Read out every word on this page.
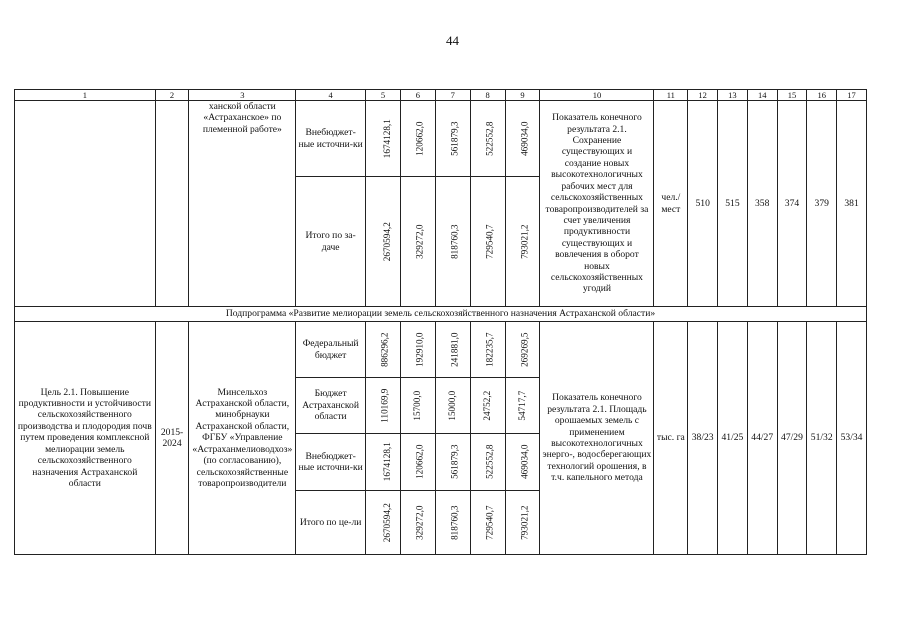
44
1	2	3	4	5	6	7	8	9	10	11	12	13	14	15	16	17
		ханской области «Астраханское» по племенной работе»	Внебюджет-ные источни-ки	1674128,1	120662,0	561879,3	522552,8	469034,0	Показатель конечного результата 2.1. Сохранение существующих и создание новых высокотехнологичных рабочих мест для сельскохозяйственных товаропроизводителей за счет увеличения продуктивности существующих и вовлечения в оборот новых сельскохозяйственных угодий	чел./мест	510	515	358	374	379	381
			Итого по за-даче	2670594,2	329272,0	818760,3	729540,7	793021,2								
Подпрограмма «Развитие мелиорации земель сельскохозяйственного назначения Астраханской области»																
Цель 2.1. Повышение продуктивности и устойчивости сельскохозяйственного производства и плодородия почв путем проведения комплексной мелиорации земель сельскохозяйственного назначения Астраханской области	2015-2024	Минсельхоз Астраханской области, минобрнауки Астраханской области, ФГБУ «Управление «Астраханмелиоводхоз» (по согласованию), сельскохозяйственные товаропроизводители	Федеральный бюджет	886296,2	192910,0	241881,0	182235,7	269269,5	Показатель конечного результата 2.1. Площадь орошаемых земель с применением высокотехнологичных энерго-, водосберегающих технологий орошения, в т.ч. капельного метода	тыс. га	38/23	41/25	44/27	47/29	51/32	53/34
			Бюджет Астраханской области	110169,9	15700,0	15000,0	24752,2	54717,7								
			Внебюджет-ные источни-ки	1674128,1	120662,0	561879,3	522552,8	469034,0								
			Итого по це-ли	2670594,2	329272,0	818760,3	729540,7	793021,2								
